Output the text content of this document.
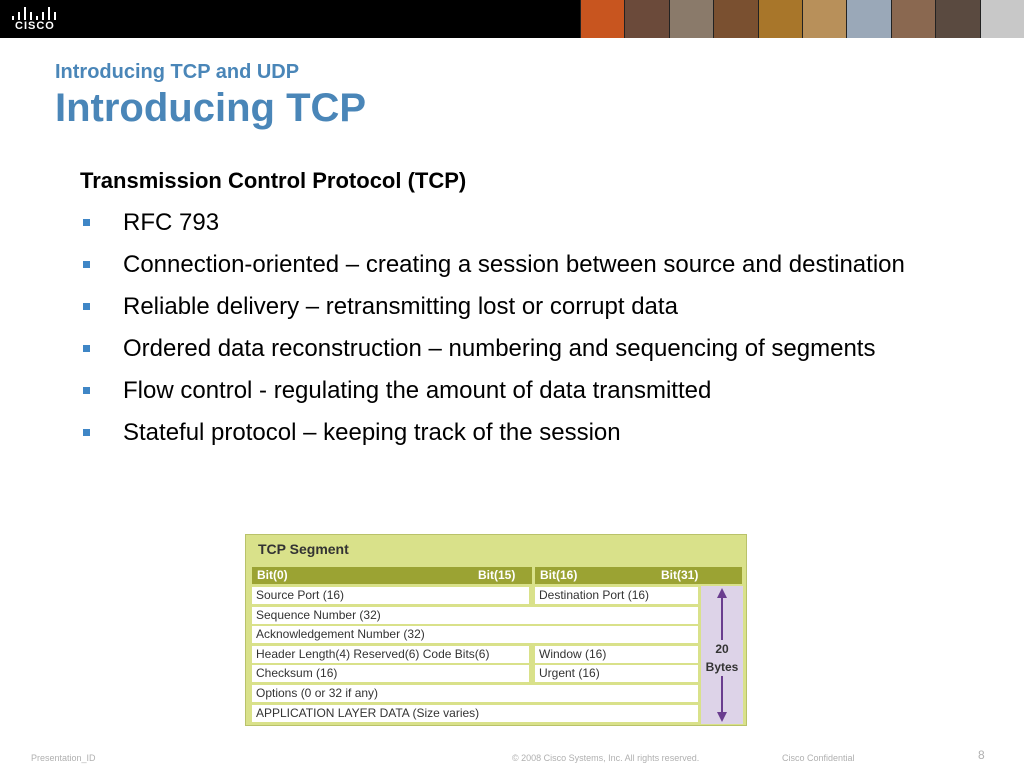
CISCO
Introducing TCP and UDP
Introducing TCP
Transmission Control Protocol (TCP)
RFC 793
Connection-oriented – creating a session between source and destination
Reliable delivery – retransmitting lost or corrupt data
Ordered data reconstruction – numbering and sequencing of segments
Flow control - regulating the amount of data transmitted
Stateful protocol – keeping track of the session
TCP Segment
Bit(0)	Bit(15) Bit(16)	Bit(31)
Source Port (16)	Destination Port (16)
Sequence Number (32)
Acknowledgement Number (32)
Header Length(4) Reserved(6) Code Bits(6)	Window (16)
Checksum (16)	Urgent (16)
Options (0 or 32 if any)
APPLICATION LAYER DATA (Size varies)
20
Bytes
Presentation_ID	© 2008 Cisco Systems, Inc. All rights reserved.	Cisco Confidential	8
